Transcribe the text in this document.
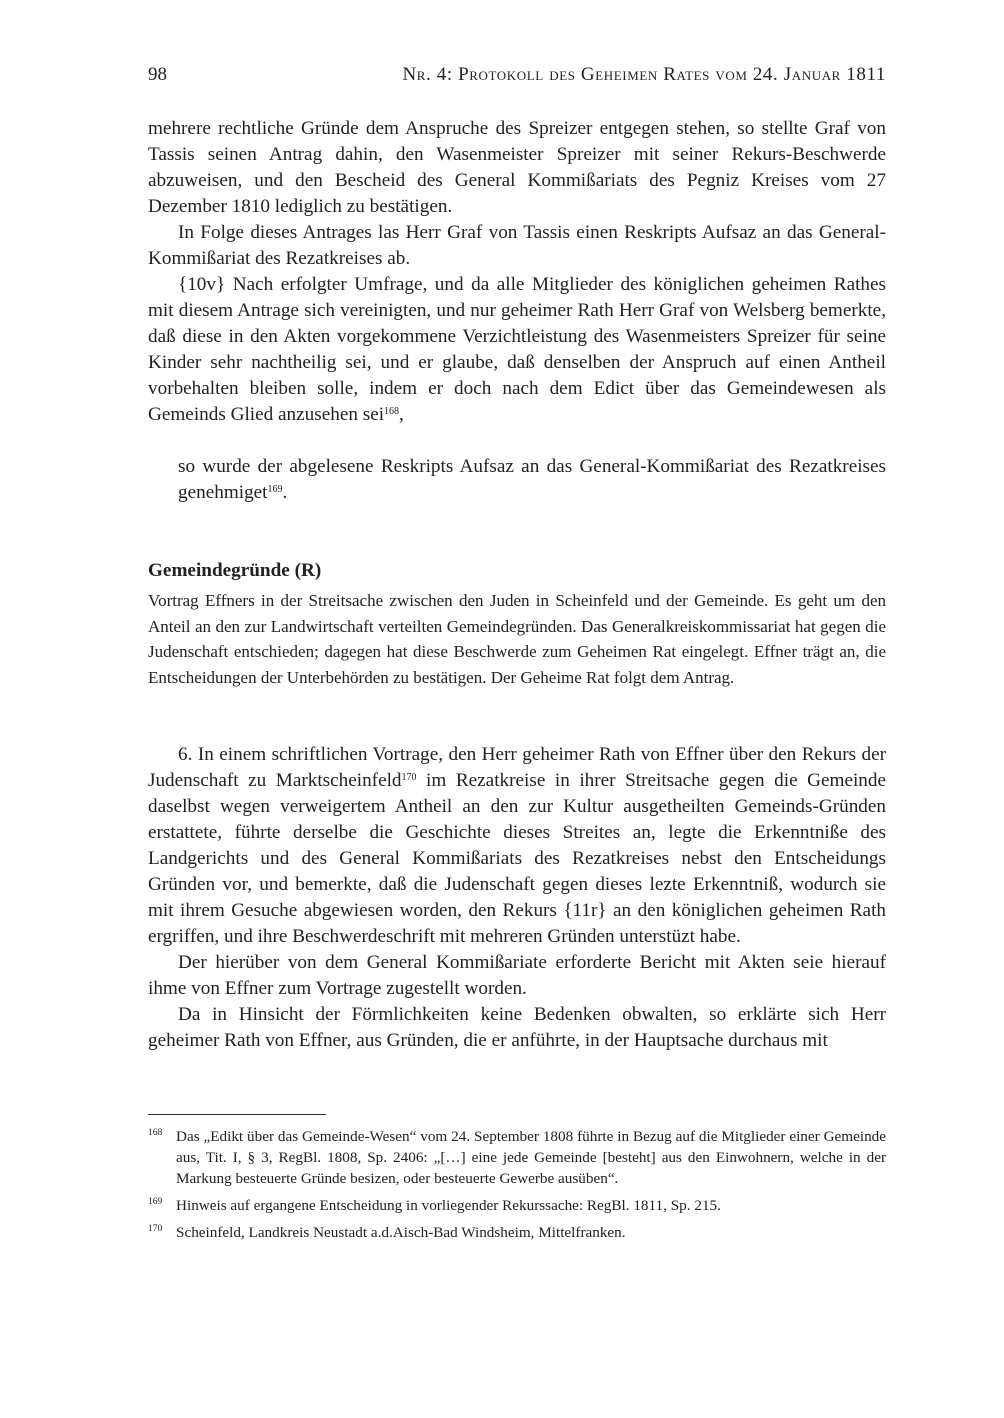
98	Nr. 4: Protokoll des Geheimen Rates vom 24. Januar 1811

mehrere rechtliche Gründe dem Anspruche des Spreizer entgegen stehen, so stellte Graf von Tassis seinen Antrag dahin, den Wasenmeister Spreizer mit seiner Rekurs-Beschwerde abzuweisen, und den Bescheid des General Kommißariats des Pegniz Kreises vom 27 Dezember 1810 lediglich zu bestätigen.

In Folge dieses Antrages las Herr Graf von Tassis einen Reskripts Aufsaz an das General-Kommißariat des Rezatkreises ab.

{10v} Nach erfolgter Umfrage, und da alle Mitglieder des königlichen geheimen Rathes mit diesem Antrage sich vereinigten, und nur geheimer Rath Herr Graf von Welsberg bemerkte, daß diese in den Akten vorgekommene Verzichtleistung des Wasenmeisters Spreizer für seine Kinder sehr nachtheilig sei, und er glaube, daß denselben der Anspruch auf einen Antheil vorbehalten bleiben solle, indem er doch nach dem Edict über das Gemeindewesen als Gemeinds Glied anzusehen sei$^{168}$,

so wurde der abgelesene Reskripts Aufsaz an das General-Kommißariat des Rezatkreises genehmiget$^{169}$.

Gemeindegründe (R)

Vortrag Effners in der Streitsache zwischen den Juden in Scheinfeld und der Gemeinde. Es geht um den Anteil an den zur Landwirtschaft verteilten Gemeindegründen. Das Generalkreiskommissariat hat gegen die Judenschaft entschieden; dagegen hat diese Beschwerde zum Geheimen Rat eingelegt. Effner trägt an, die Entscheidungen der Unterbehörden zu bestätigen. Der Geheime Rat folgt dem Antrag.

6. In einem schriftlichen Vortrage, den Herr geheimer Rath von Effner über den Rekurs der Judenschaft zu Marktscheinfeld$^{170}$ im Rezatkreise in ihrer Streitsache gegen die Gemeinde daselbst wegen verweigertem Antheil an den zur Kultur ausgetheilten Gemeinds-Gründen erstattete, führte derselbe die Geschichte dieses Streites an, legte die Erkenntniße des Landgerichts und des General Kommißariats des Rezatkreises nebst den Entscheidungs Gründen vor, und bemerkte, daß die Judenschaft gegen dieses lezte Erkenntniß, wodurch sie mit ihrem Gesuche abgewiesen worden, den Rekurs {11r} an den königlichen geheimen Rath ergriffen, und ihre Beschwerdeschrift mit mehreren Gründen unterstüzt habe.

Der hierüber von dem General Kommißariate erforderte Bericht mit Akten seie hierauf ihme von Effner zum Vortrage zugestellt worden.

Da in Hinsicht der Förmlichkeiten keine Bedenken obwalten, so erklärte sich Herr geheimer Rath von Effner, aus Gründen, die er anführte, in der Hauptsache durchaus mit

168 Das „Edikt über das Gemeinde-Wesen“ vom 24. September 1808 führte in Bezug auf die Mitglieder einer Gemeinde aus, Tit. I, § 3, RegBl. 1808, Sp. 2406: „[…] eine jede Gemeinde [besteht] aus den Einwohnern, welche in der Markung besteuerte Gründe besizen, oder besteuerte Gewerbe ausüben“.
169 Hinweis auf ergangene Entscheidung in vorliegender Rekurssache: RegBl. 1811, Sp. 215.
170 Scheinfeld, Landkreis Neustadt a.d.Aisch-Bad Windsheim, Mittelfranken.
